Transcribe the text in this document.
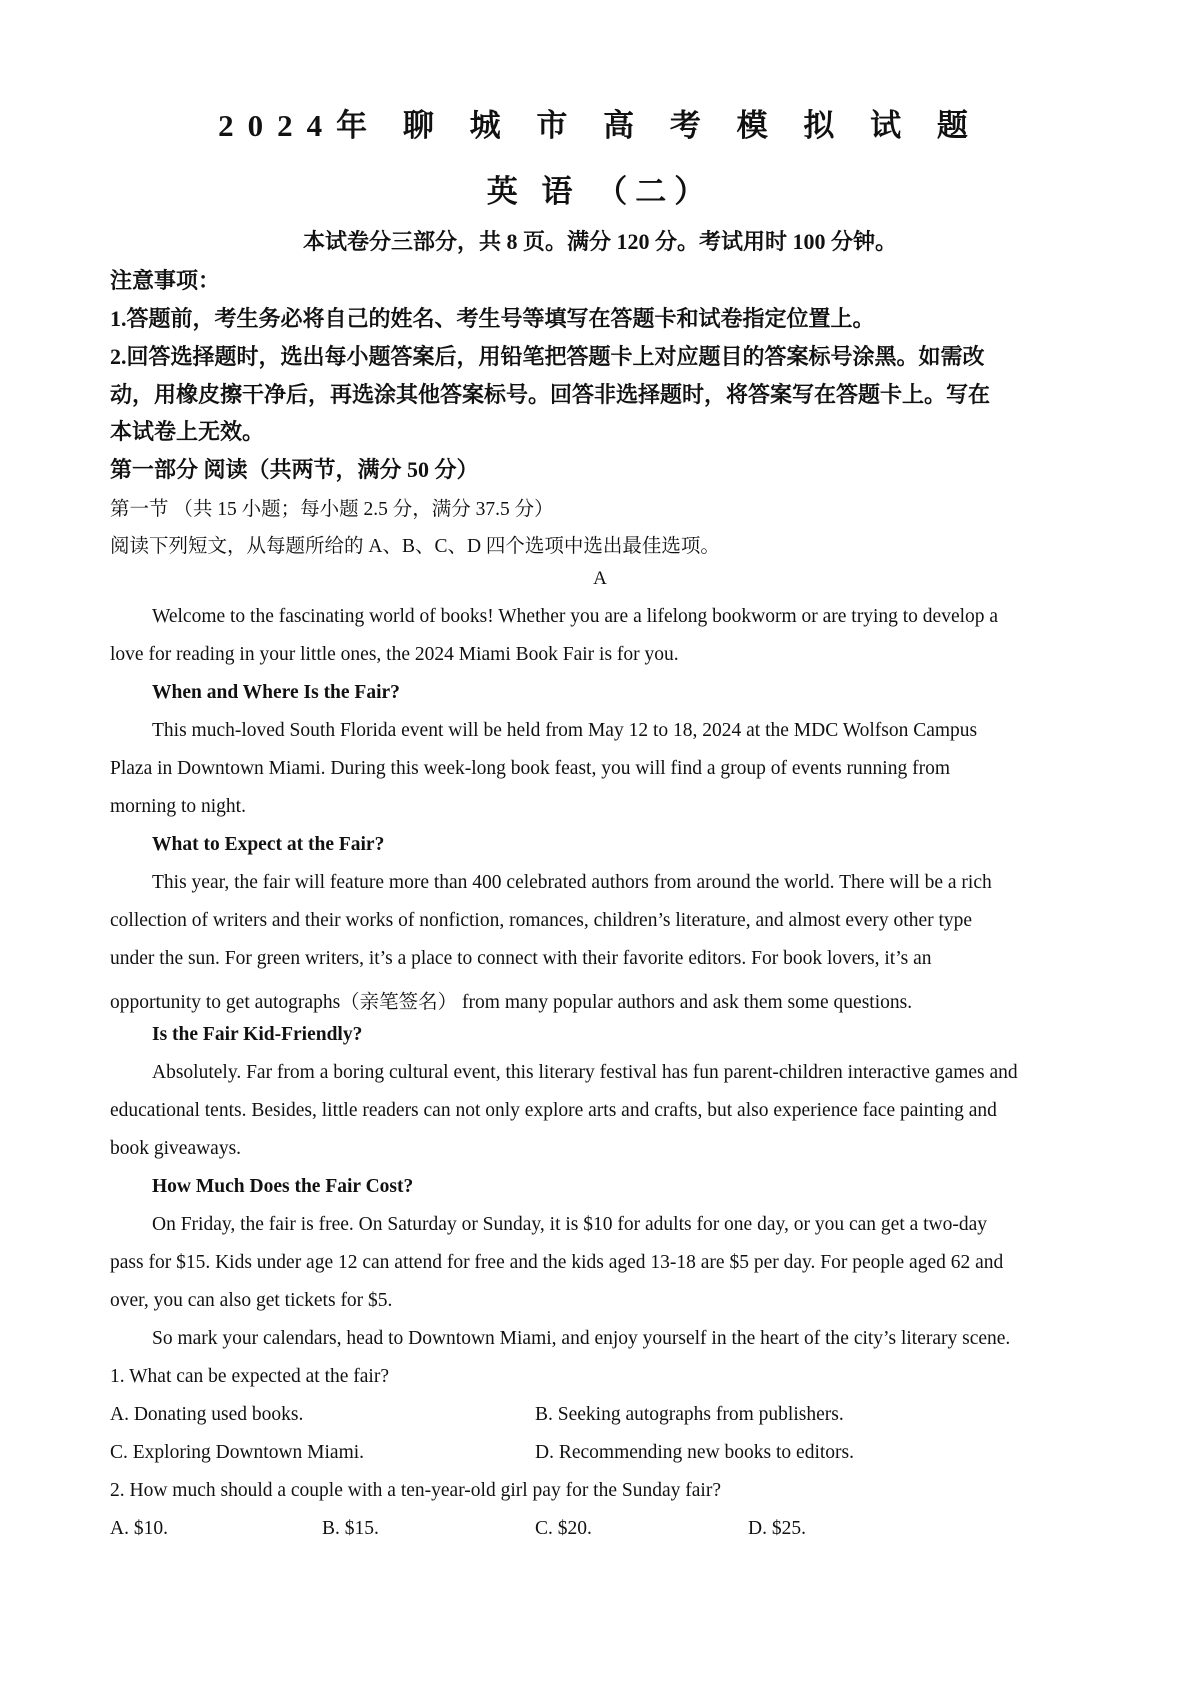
2024年 聊 城 市 高 考 模 拟 试 题
英 语 （二）
本试卷分三部分，共 8 页。满分 120 分。考试用时 100 分钟。
注意事项：
1.答题前，考生务必将自己的姓名、考生号等填写在答题卡和试卷指定位置上。
2.回答选择题时，选出每小题答案后，用铅笔把答题卡上对应题目的答案标号涂黑。如需改
动，用橡皮擦干净后，再选涂其他答案标号。回答非选择题时，将答案写在答题卡上。写在
本试卷上无效。
第一部分 阅读（共两节，满分 50 分）
第一节 （共 15 小题；每小题 2.5 分，满分 37.5 分）
阅读下列短文，从每题所给的 A、B、C、D 四个选项中选出最佳选项。
A
Welcome to the fascinating world of books! Whether you are a lifelong bookworm or are trying to develop a
love for reading in your little ones, the 2024 Miami Book Fair is for you.
When and Where Is the Fair?
This much-loved South Florida event will be held from May 12 to 18, 2024 at the MDC Wolfson Campus
Plaza in Downtown Miami. During this week-long book feast, you will find a group of events running from
morning to night.
What to Expect at the Fair?
This year, the fair will feature more than 400 celebrated authors from around the world. There will be a rich
collection of writers and their works of nonfiction, romances, children’s literature, and almost every other type
under the sun. For green writers, it’s a place to connect with their favorite editors. For book lovers, it’s an
opportunity to get autographs（亲笔签名） from many popular authors and ask them some questions.
Is the Fair Kid-Friendly?
Absolutely. Far from a boring cultural event, this literary festival has fun parent-children interactive games and
educational tents. Besides, little readers can not only explore arts and crafts, but also experience face painting and
book giveaways.
How Much Does the Fair Cost?
On Friday, the fair is free. On Saturday or Sunday, it is $10 for adults for one day, or you can get a two-day
pass for $15. Kids under age 12 can attend for free and the kids aged 13-18 are $5 per day. For people aged 62 and
over, you can also get tickets for $5.
So mark your calendars, head to Downtown Miami, and enjoy yourself in the heart of the city’s literary scene.
1. What can be expected at the fair?
A. Donating used books.	B. Seeking autographs from publishers.
C. Exploring Downtown Miami.	D. Recommending new books to editors.
2. How much should a couple with a ten-year-old girl pay for the Sunday fair?
A. $10.	B. $15.	C. $20.	D. $25.
